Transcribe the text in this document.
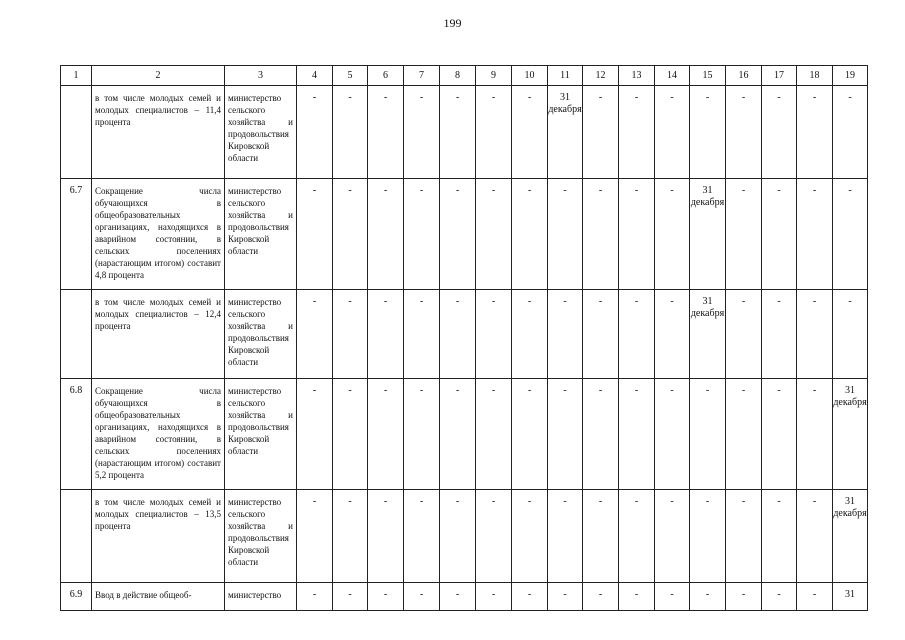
199
1	2	3	4	5	6	7	8	9	10	11	12	13	14	15	16	17	18	19
	в том числе молодых семей и молодых специалистов – 11,4 процента	министерство сельского хозяйства и продовольствия Кировской области	-	-	-	-	-	-	-	31 декабря	-	-	-	-	-	-	-	-
6.7	Сокращение числа обучающихся в общеобразовательных организациях, находящихся в аварийном состоянии, в сельских поселениях (нарастающим итогом) составит 4,8 процента	министерство сельского хозяйства и продовольствия Кировской области	-	-	-	-	-	-	-	-	-	-	-	31 декабря	-	-	-	-
	в том числе молодых семей и молодых специалистов – 12,4 процента	министерство сельского хозяйства и продовольствия Кировской области	-	-	-	-	-	-	-	-	-	-	-	31 декабря	-	-	-	-
6.8	Сокращение числа обучающихся в общеобразовательных организациях, находящихся в аварийном состоянии, в сельских поселениях (нарастающим итогом) составит 5,2 процента	министерство сельского хозяйства и продовольствия Кировской области	-	-	-	-	-	-	-	-	-	-	-	-	-	-	-	31 декабря
	в том числе молодых семей и молодых специалистов – 13,5 процента	министерство сельского хозяйства и продовольствия Кировской области	-	-	-	-	-	-	-	-	-	-	-	-	-	-	-	31 декабря
6.9	Ввод в действие общеоб-	министерство	-	-	-	-	-	-	-	-	-	-	-	-	-	-	-	31
